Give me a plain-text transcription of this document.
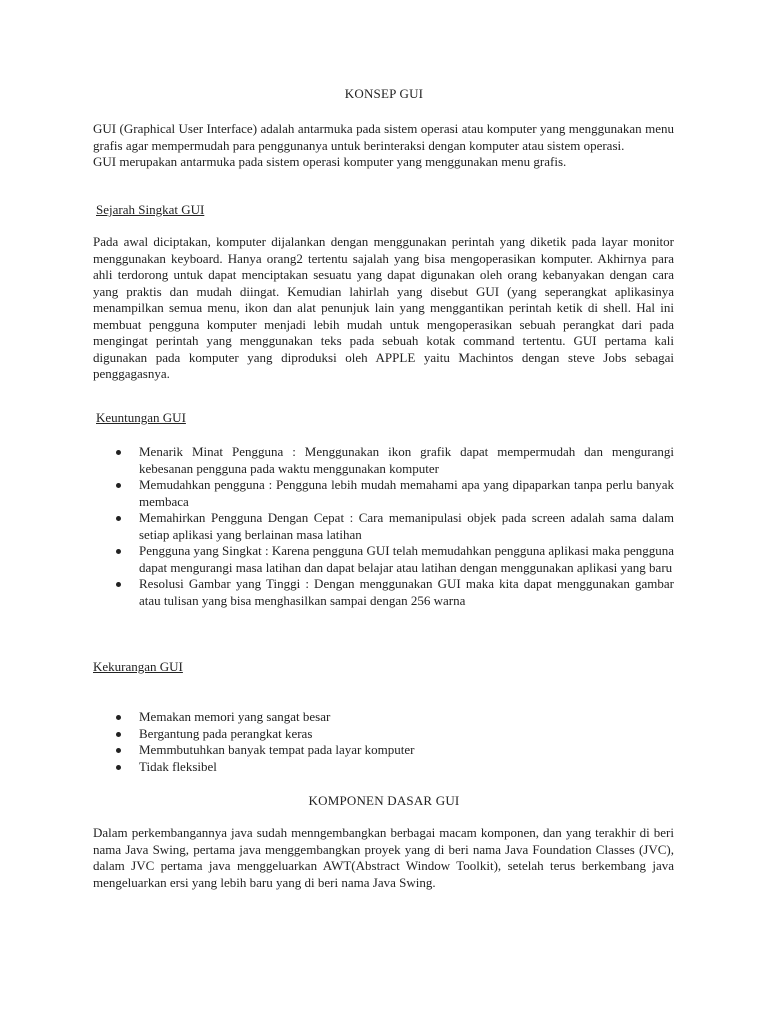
KONSEP GUI

GUI (Graphical User Interface) adalah antarmuka pada sistem operasi atau komputer yang menggunakan menu grafis agar mempermudah para penggunanya untuk berinteraksi dengan komputer atau sistem operasi.

GUI merupakan antarmuka pada sistem operasi komputer yang menggunakan menu grafis.

Sejarah Singkat GUI

Pada awal diciptakan, komputer dijalankan dengan menggunakan perintah yang diketik pada layar monitor menggunakan keyboard. Hanya orang2 tertentu sajalah yang bisa mengoperasikan komputer. Akhirnya para ahli terdorong untuk dapat menciptakan sesuatu yang dapat digunakan oleh orang kebanyakan dengan cara yang praktis dan mudah diingat. Kemudian lahirlah yang disebut GUI (yang seperangkat aplikasinya menampilkan semua menu, ikon dan alat penunjuk lain yang menggantikan perintah ketik di shell. Hal ini membuat pengguna komputer menjadi lebih mudah untuk mengoperasikan sebuah perangkat dari pada mengingat perintah yang menggunakan teks pada sebuah kotak command tertentu. GUI pertama kali digunakan pada komputer yang diproduksi oleh APPLE yaitu Machintos dengan steve Jobs sebagai penggagasnya.

Keuntungan GUI
Menarik Minat Pengguna : Menggunakan ikon grafik dapat mempermudah dan mengurangi kebesanan pengguna pada waktu menggunakan komputer
Memudahkan pengguna : Pengguna lebih mudah memahami apa yang dipaparkan tanpa perlu banyak membaca
Memahirkan Pengguna Dengan Cepat : Cara memanipulasi objek pada screen adalah sama dalam setiap aplikasi yang berlainan masa latihan
Pengguna yang Singkat : Karena pengguna GUI telah memudahkan pengguna aplikasi maka pengguna dapat mengurangi masa latihan dan dapat belajar atau latihan dengan menggunakan aplikasi yang baru
Resolusi Gambar yang Tinggi : Dengan menggunakan GUI maka kita dapat menggunakan gambar atau tulisan yang bisa menghasilkan sampai dengan 256 warna
Kekurangan GUI
Memakan memori yang sangat besar
Bergantung pada perangkat keras
Memmbutuhkan banyak tempat pada layar komputer
Tidak fleksibel
KOMPONEN DASAR GUI

Dalam perkembangannya java sudah menngembangkan berbagai macam komponen, dan yang terakhir di beri nama Java Swing, pertama java menggembangkan proyek yang di beri nama Java Foundation Classes (JVC), dalam JVC pertama java menggeluarkan AWT(Abstract Window Toolkit), setelah terus berkembang java mengeluarkan ersi yang lebih baru yang di beri nama Java Swing.
